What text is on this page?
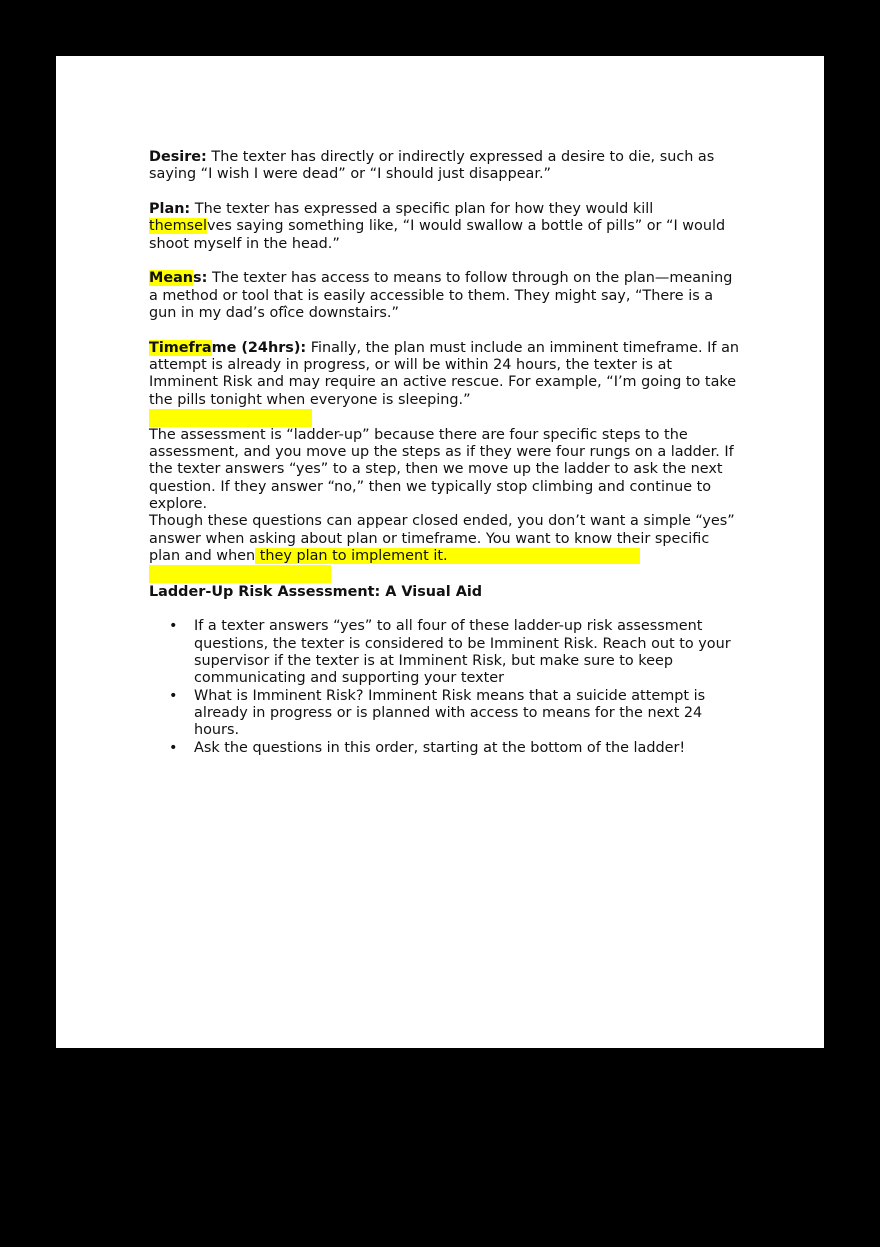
Desire: The texter has directly or indirectly expressed a desire to die, such as saying “I wish I were dead” or “I should just disappear.”

Plan: The texter has expressed a specific plan for how they would kill themselves saying something like, “I would swallow a bottle of pills” or “I would shoot myself in the head.”

Means: The texter has access to means to follow through on the plan—meaning a method or tool that is easily accessible to them. They might say, “There is a gun in my dad’s ofîce downstairs.”

Timeframe (24hrs): Finally, the plan must include an imminent timeframe. If an attempt is already in progress, or will be within 24 hours, the texter is at Imminent Risk and may require an active rescue. For example, “I’m going to take the pills tonight when everyone is sleeping.”

The assessment is “ladder-up” because there are four specific steps to the assessment, and you move up the steps as if they were four rungs on a ladder. If the texter answers “yes” to a step, then we move up the ladder to ask the next question. If they answer “no,” then we typically stop climbing and continue to explore.

Though these questions can appear closed ended, you don’t want a simple “yes” answer when asking about plan or timeframe. You want to know their specific plan and when they plan to implement it.

Ladder-Up Risk Assessment: A Visual Aid

• If a texter answers “yes” to all four of these ladder-up risk assessment questions, the texter is considered to be Imminent Risk. Reach out to your supervisor if the texter is at Imminent Risk, but make sure to keep communicating and supporting your texter
• What is Imminent Risk? Imminent Risk means that a suicide attempt is already in progress or is planned with access to means for the next 24 hours.
• Ask the questions in this order, starting at the bottom of the ladder!
